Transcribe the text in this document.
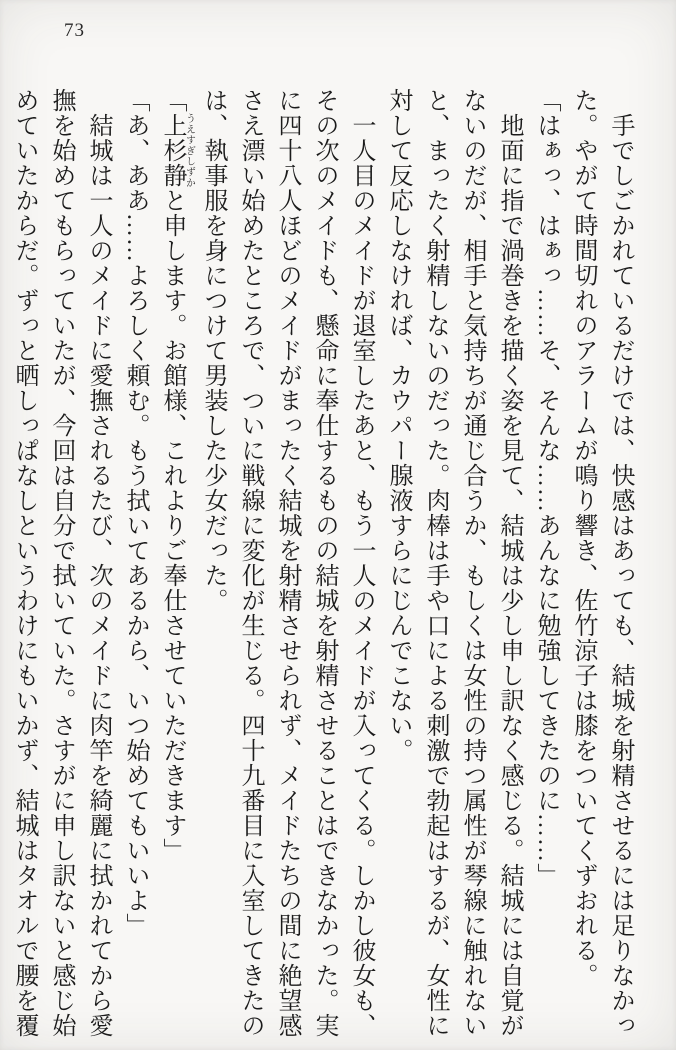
73
手でしごかれているだけでは、快感はあっても、結城を射精させるには足りなかっ
た。やがて時間切れのアラームが鳴り響き、佐竹涼子は膝をついてくずおれる。
「はぁっ、はぁっ……そ、そんな……あんなに勉強してきたのに……」
地面に指で渦巻きを描く姿を見て、結城は少し申し訳なく感じる。結城には自覚が
ないのだが、相手と気持ちが通じ合うか、もしくは女性の持つ属性が琴線に触れない
と、まったく射精しないのだった。肉棒は手や口による刺激で勃起はするが、女性に
対して反応しなければ、カウパー腺液すらにじんでこない。
一人目のメイドが退室したあと、もう一人のメイドが入ってくる。しかし彼女も、
その次のメイドも、懸命に奉仕するものの結城を射精させることはできなかった。実
に四十八人ほどのメイドがまったく結城を射精させられず、メイドたちの間に絶望感
さえ漂い始めたところで、ついに戦線に変化が生じる。四十九番目に入室してきたの
は、執事服を身につけて男装した少女だった。
「上杉静うえすぎしずかと申します。お館様、これよりご奉仕させていただきます」
「あ、ああ……よろしく頼む。もう拭いてあるから、いつ始めてもいいよ」
結城は一人のメイドに愛撫されるたび、次のメイドに肉竿を綺麗に拭かれてから愛
撫を始めてもらっていたが、今回は自分で拭いていた。さすがに申し訳ないと感じ始
めていたからだ。ずっと晒しっぱなしというわけにもいかず、結城はタオルで腰を覆
